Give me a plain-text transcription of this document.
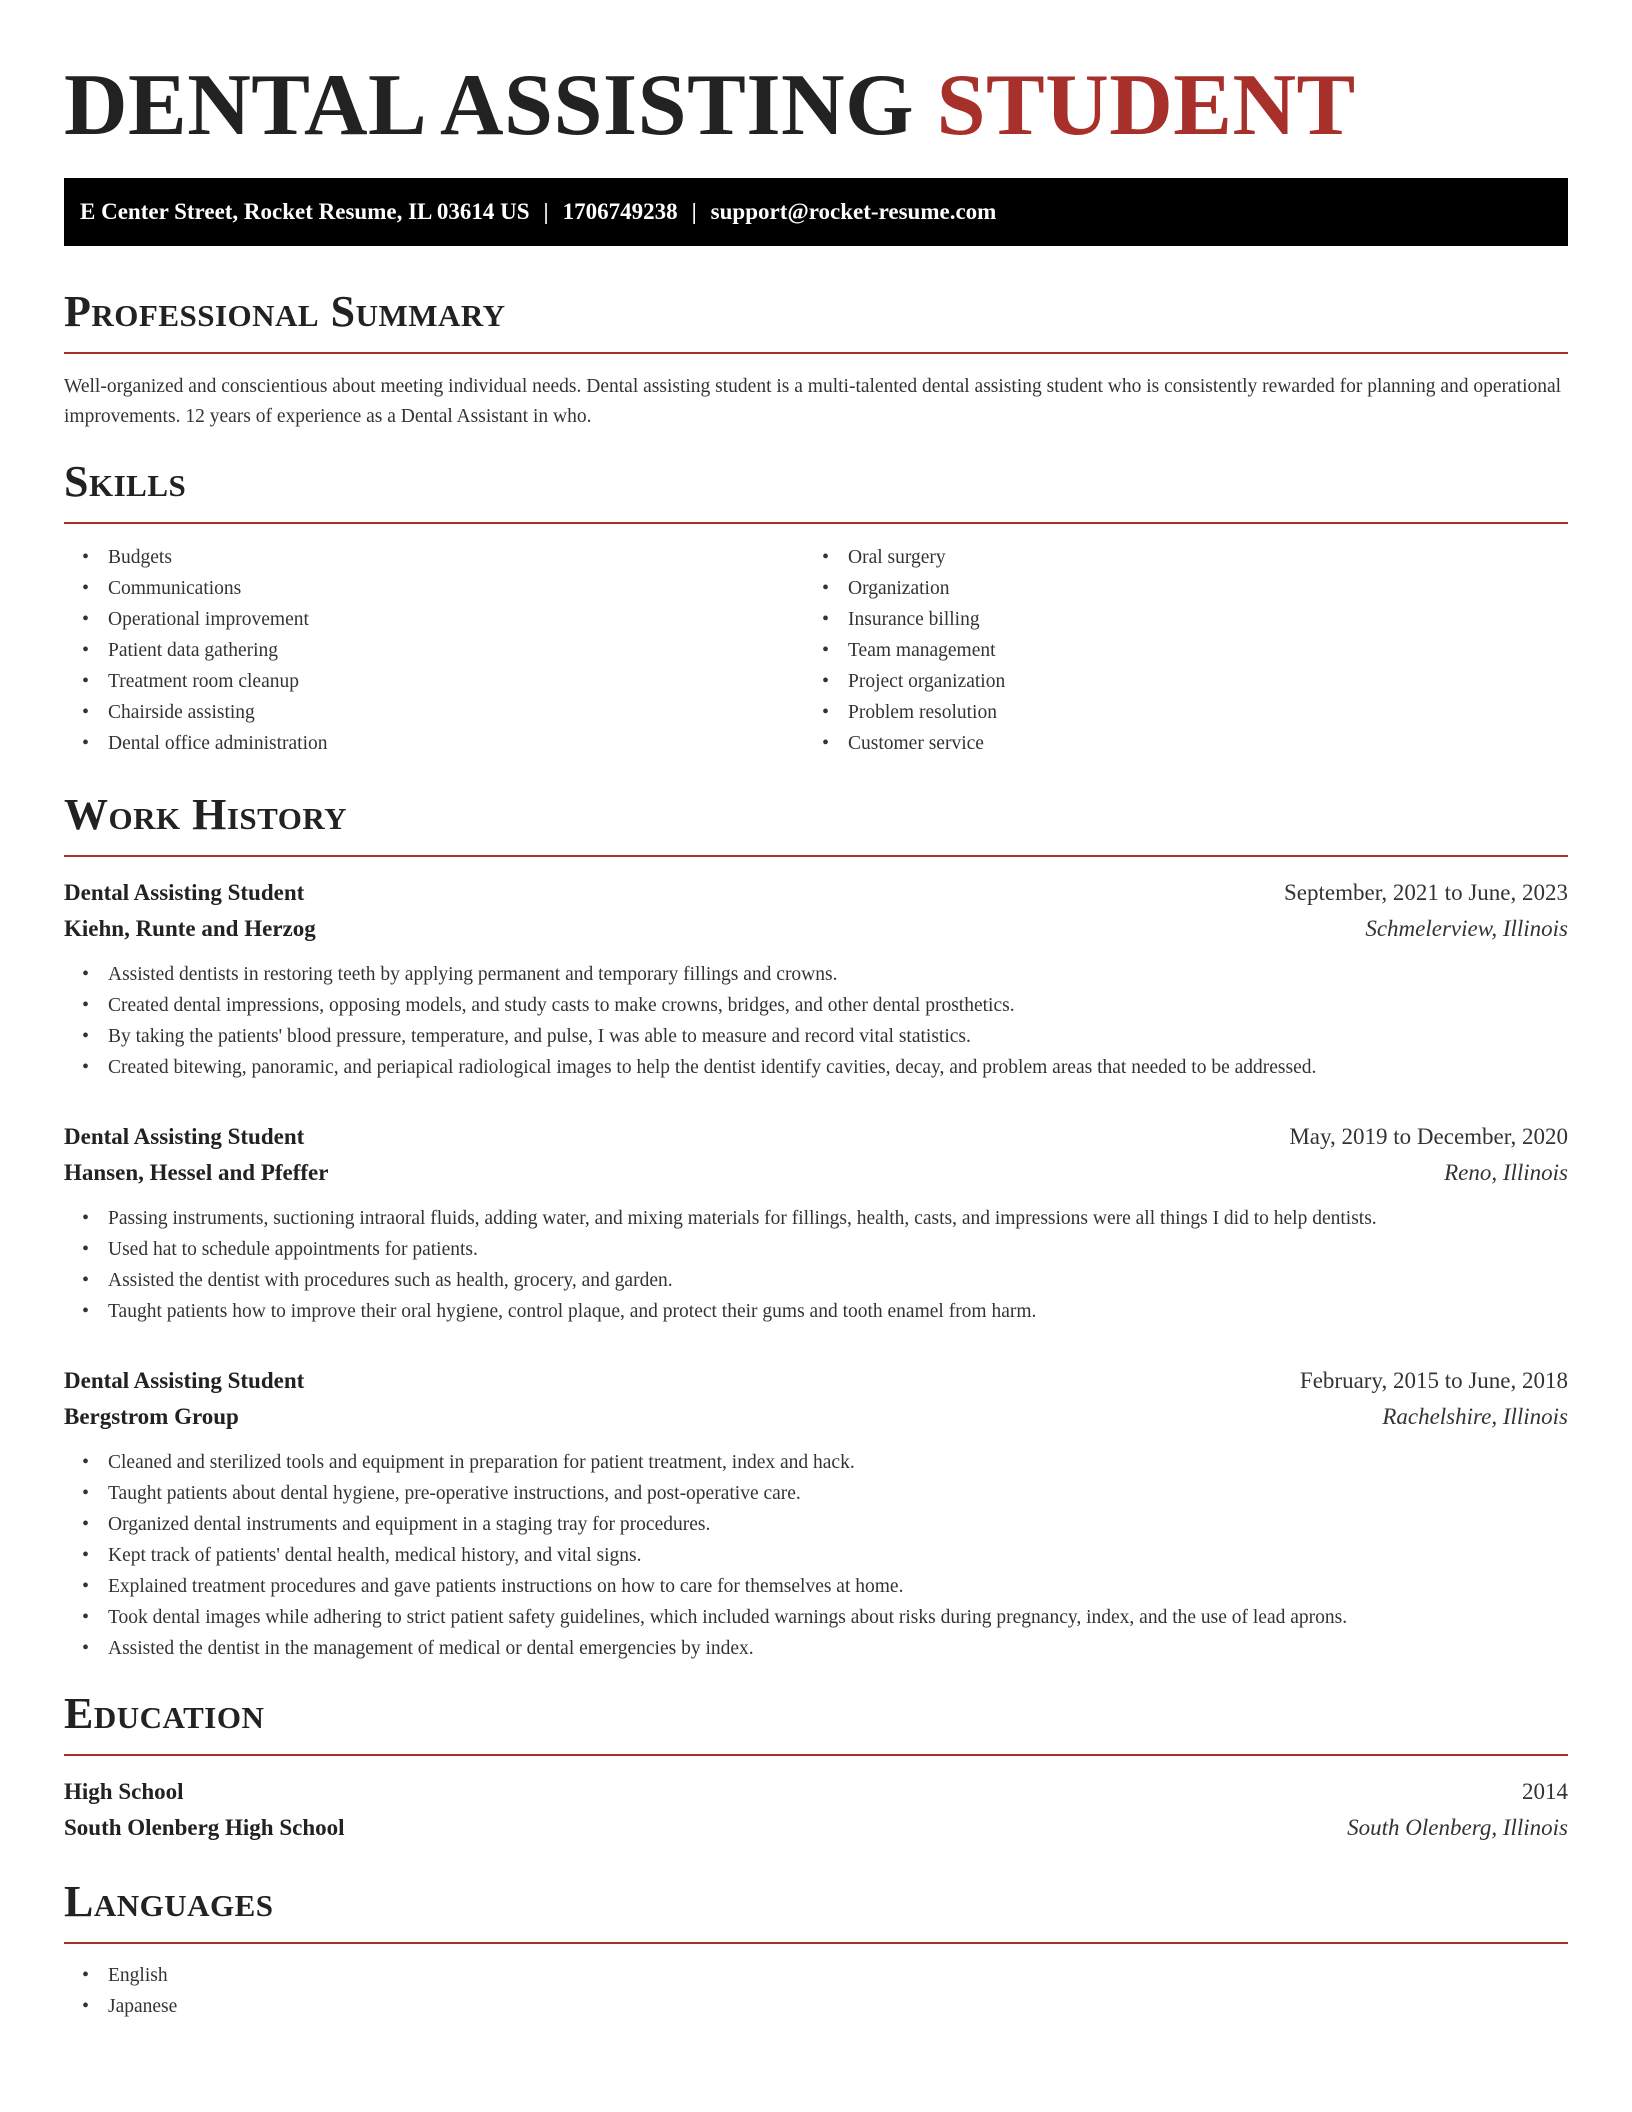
DENTAL ASSISTING STUDENT
E Center Street, Rocket Resume, IL 03614 US | 1706749238 | support@rocket-resume.com
Professional Summary

Well-organized and conscientious about meeting individual needs. Dental assisting student is a multi-talented dental assisting student who is consistently rewarded for planning and operational improvements. 12 years of experience as a Dental Assistant in who.

Skills
• Budgets
• Communications
• Operational improvement
• Patient data gathering
• Treatment room cleanup
• Chairside assisting
• Dental office administration
• Oral surgery
• Organization
• Insurance billing
• Team management
• Project organization
• Problem resolution
• Customer service
Work History
Dental Assisting Student	September, 2021 to June, 2023
Kiehn, Runte and Herzog	Schmelerview, Illinois
• Assisted dentists in restoring teeth by applying permanent and temporary fillings and crowns.
• Created dental impressions, opposing models, and study casts to make crowns, bridges, and other dental prosthetics.
• By taking the patients' blood pressure, temperature, and pulse, I was able to measure and record vital statistics.
• Created bitewing, panoramic, and periapical radiological images to help the dentist identify cavities, decay, and problem areas that needed to be addressed.
Dental Assisting Student	May, 2019 to December, 2020
Hansen, Hessel and Pfeffer	Reno, Illinois
• Passing instruments, suctioning intraoral fluids, adding water, and mixing materials for fillings, health, casts, and impressions were all things I did to help dentists.
• Used hat to schedule appointments for patients.
• Assisted the dentist with procedures such as health, grocery, and garden.
• Taught patients how to improve their oral hygiene, control plaque, and protect their gums and tooth enamel from harm.
Dental Assisting Student	February, 2015 to June, 2018
Bergstrom Group	Rachelshire, Illinois
• Cleaned and sterilized tools and equipment in preparation for patient treatment, index and hack.
• Taught patients about dental hygiene, pre-operative instructions, and post-operative care.
• Organized dental instruments and equipment in a staging tray for procedures.
• Kept track of patients' dental health, medical history, and vital signs.
• Explained treatment procedures and gave patients instructions on how to care for themselves at home.
• Took dental images while adhering to strict patient safety guidelines, which included warnings about risks during pregnancy, index, and the use of lead aprons.
• Assisted the dentist in the management of medical or dental emergencies by index.
Education
High School	2014
South Olenberg High School	South Olenberg, Illinois
Languages
• English
• Japanese
